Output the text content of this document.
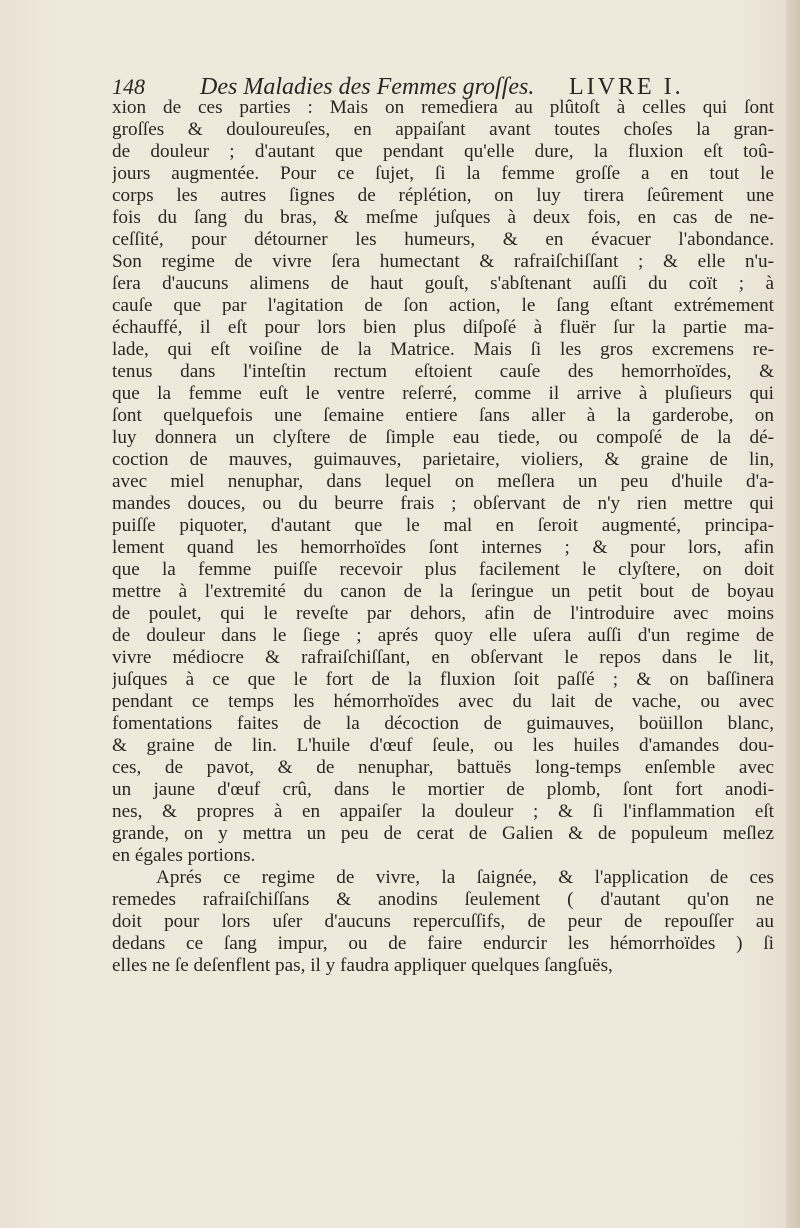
148 Des Maladies des Femmes groſſes. LIVRE I.
xion de ces parties : Mais on remediera au plûtoſt à celles qui ſont
groſſes & douloureuſes, en appaiſant avant toutes choſes la gran-
de douleur ; d'autant que pendant qu'elle dure, la fluxion eſt toû-
jours augmentée. Pour ce ſujet, ſi la femme groſſe a en tout le
corps les autres ſignes de réplétion, on luy tirera ſeûrement une
fois du ſang du bras, & meſme juſques à deux fois, en cas de ne-
ceſſité, pour détourner les humeurs, & en évacuer l'abondance.
Son regime de vivre ſera humectant & rafraiſchiſſant ; & elle n'u-
ſera d'aucuns alimens de haut gouſt, s'abſtenant auſſi du coït ; à
cauſe que par l'agitation de ſon action, le ſang eſtant extrémement
échauffé, il eſt pour lors bien plus diſpoſé à fluër ſur la partie ma-
lade, qui eſt voiſine de la Matrice. Mais ſi les gros excremens re-
tenus dans l'inteſtin rectum eſtoient cauſe des hemorrhoïdes, &
que la femme euſt le ventre reſerré, comme il arrive à pluſieurs qui
ſont quelquefois une ſemaine entiere ſans aller à la garderobe, on
luy donnera un clyſtere de ſimple eau tiede, ou compoſé de la dé-
coction de mauves, guimauves, parietaire, violiers, & graine de lin,
avec miel nenuphar, dans lequel on meſlera un peu d'huile d'a-
mandes douces, ou du beurre frais ; obſervant de n'y rien mettre qui
puiſſe piquoter, d'autant que le mal en ſeroit augmenté, principa-
lement quand les hemorrhoïdes ſont internes ; & pour lors, afin
que la femme puiſſe recevoir plus facilement le clyſtere, on doit
mettre à l'extremité du canon de la ſeringue un petit bout de boyau
de poulet, qui le reveſte par dehors, afin de l'introduire avec moins
de douleur dans le ſiege ; aprés quoy elle uſera auſſi d'un regime de
vivre médiocre & rafraiſchiſſant, en obſervant le repos dans le lit,
juſques à ce que le fort de la fluxion ſoit paſſé ; & on baſſinera
pendant ce temps les hémorrhoïdes avec du lait de vache, ou avec
fomentations faites de la décoction de guimauves, boüillon blanc,
& graine de lin. L'huile d'œuf ſeule, ou les huiles d'amandes dou-
ces, de pavot, & de nenuphar, battuës long-temps enſemble avec
un jaune d'œuf crû, dans le mortier de plomb, ſont fort anodi-
nes, & propres à en appaiſer la douleur ; & ſi l'inflammation eſt
grande, on y mettra un peu de cerat de Galien & de populeum meſlez
en égales portions.
Aprés ce regime de vivre, la ſaignée, & l'application de ces
remedes rafraiſchiſſans & anodins ſeulement ( d'autant qu'on ne
doit pour lors uſer d'aucuns repercuſſifs, de peur de repouſſer au
dedans ce ſang impur, ou de faire endurcir les hémorrhoïdes ) ſi
elles ne ſe deſenflent pas, il y faudra appliquer quelques ſangſuës,
